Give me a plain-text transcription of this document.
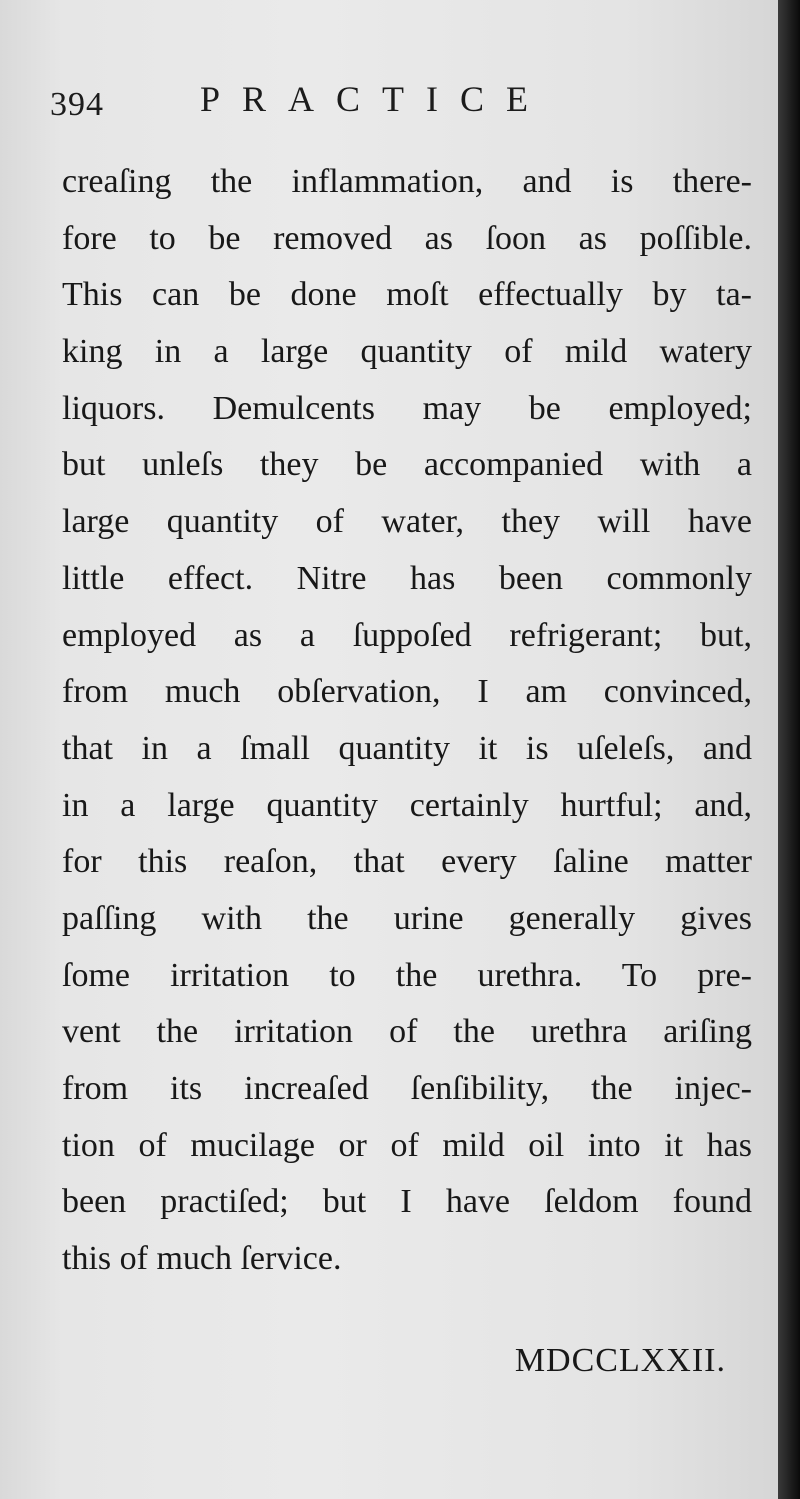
394	PRACTICE
creaſing the inflammation, and is there-
fore to be removed as ſoon as poſſible.
This can be done moſt effectually by ta-
king in a large quantity of mild watery
liquors. Demulcents may be employed;
but unleſs they be accompanied with a
large quantity of water, they will have
little effect. Nitre has been commonly
employed as a ſuppoſed refrigerant; but,
from much obſervation, I am convinced,
that in a ſmall quantity it is uſeleſs, and
in a large quantity certainly hurtful; and,
for this reaſon, that every ſaline matter
paſſing with the urine generally gives
ſome irritation to the urethra. To pre-
vent the irritation of the urethra ariſing
from its increaſed ſenſibility, the injec-
tion of mucilage or of mild oil into it has
been practiſed; but I have ſeldom found
this of much ſervice.
MDCCLXXII.
